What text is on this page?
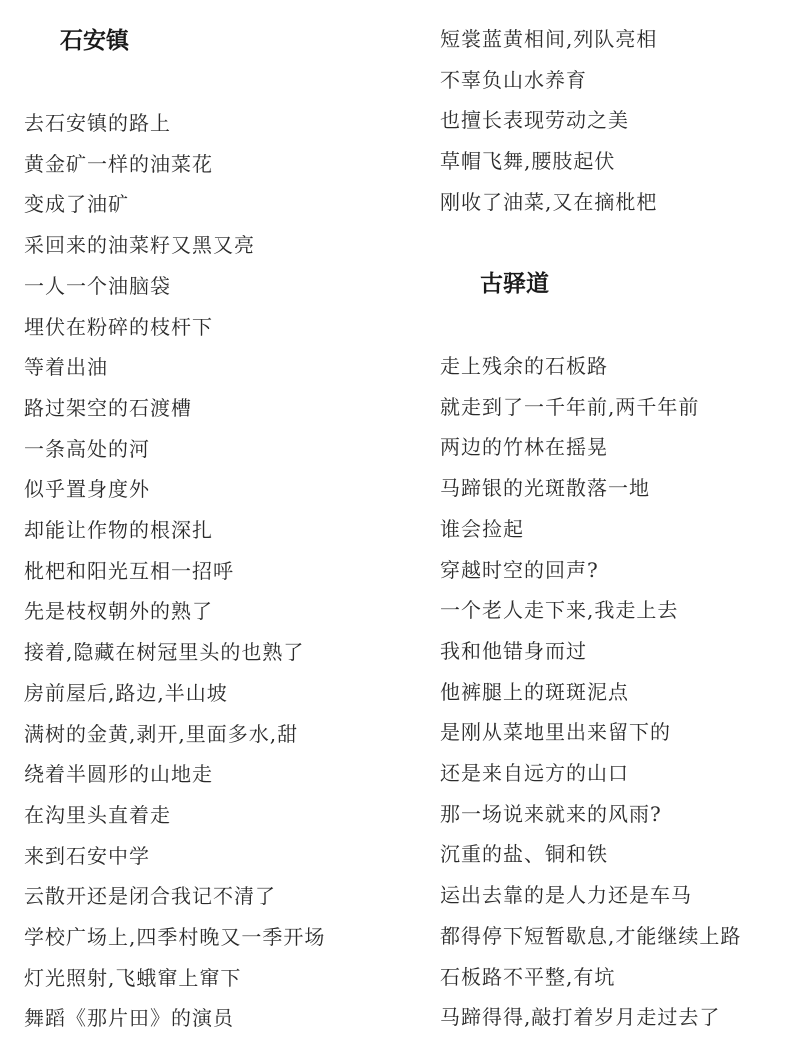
石安镇
去石安镇的路上
黄金矿一样的油菜花
变成了油矿
采回来的油菜籽又黑又亮
一人一个油脑袋
埋伏在粉碎的枝杆下
等着出油
路过架空的石渡槽
一条高处的河
似乎置身度外
却能让作物的根深扎
枇杷和阳光互相一招呼
先是枝杈朝外的熟了
接着,隐藏在树冠里头的也熟了
房前屋后,路边,半山坡
满树的金黄,剥开,里面多水,甜
绕着半圆形的山地走
在沟里头直着走
来到石安中学
云散开还是闭合我记不清了
学校广场上,四季村晚又一季开场
灯光照射,飞蛾窜上窜下
舞蹈《那片田》的演员
短裳蓝黄相间,列队亮相
不辜负山水养育
也擅长表现劳动之美
草帽飞舞,腰肢起伏
刚收了油菜,又在摘枇杷
古驿道
走上残余的石板路
就走到了一千年前,两千年前
两边的竹林在摇晃
马蹄银的光斑散落一地
谁会捡起
穿越时空的回声?
一个老人走下来,我走上去
我和他错身而过
他裤腿上的斑斑泥点
是刚从菜地里出来留下的
还是来自远方的山口
那一场说来就来的风雨?
沉重的盐、铜和铁
运出去靠的是人力还是车马
都得停下短暂歇息,才能继续上路
石板路不平整,有坑
马蹄得得,敲打着岁月走过去了
